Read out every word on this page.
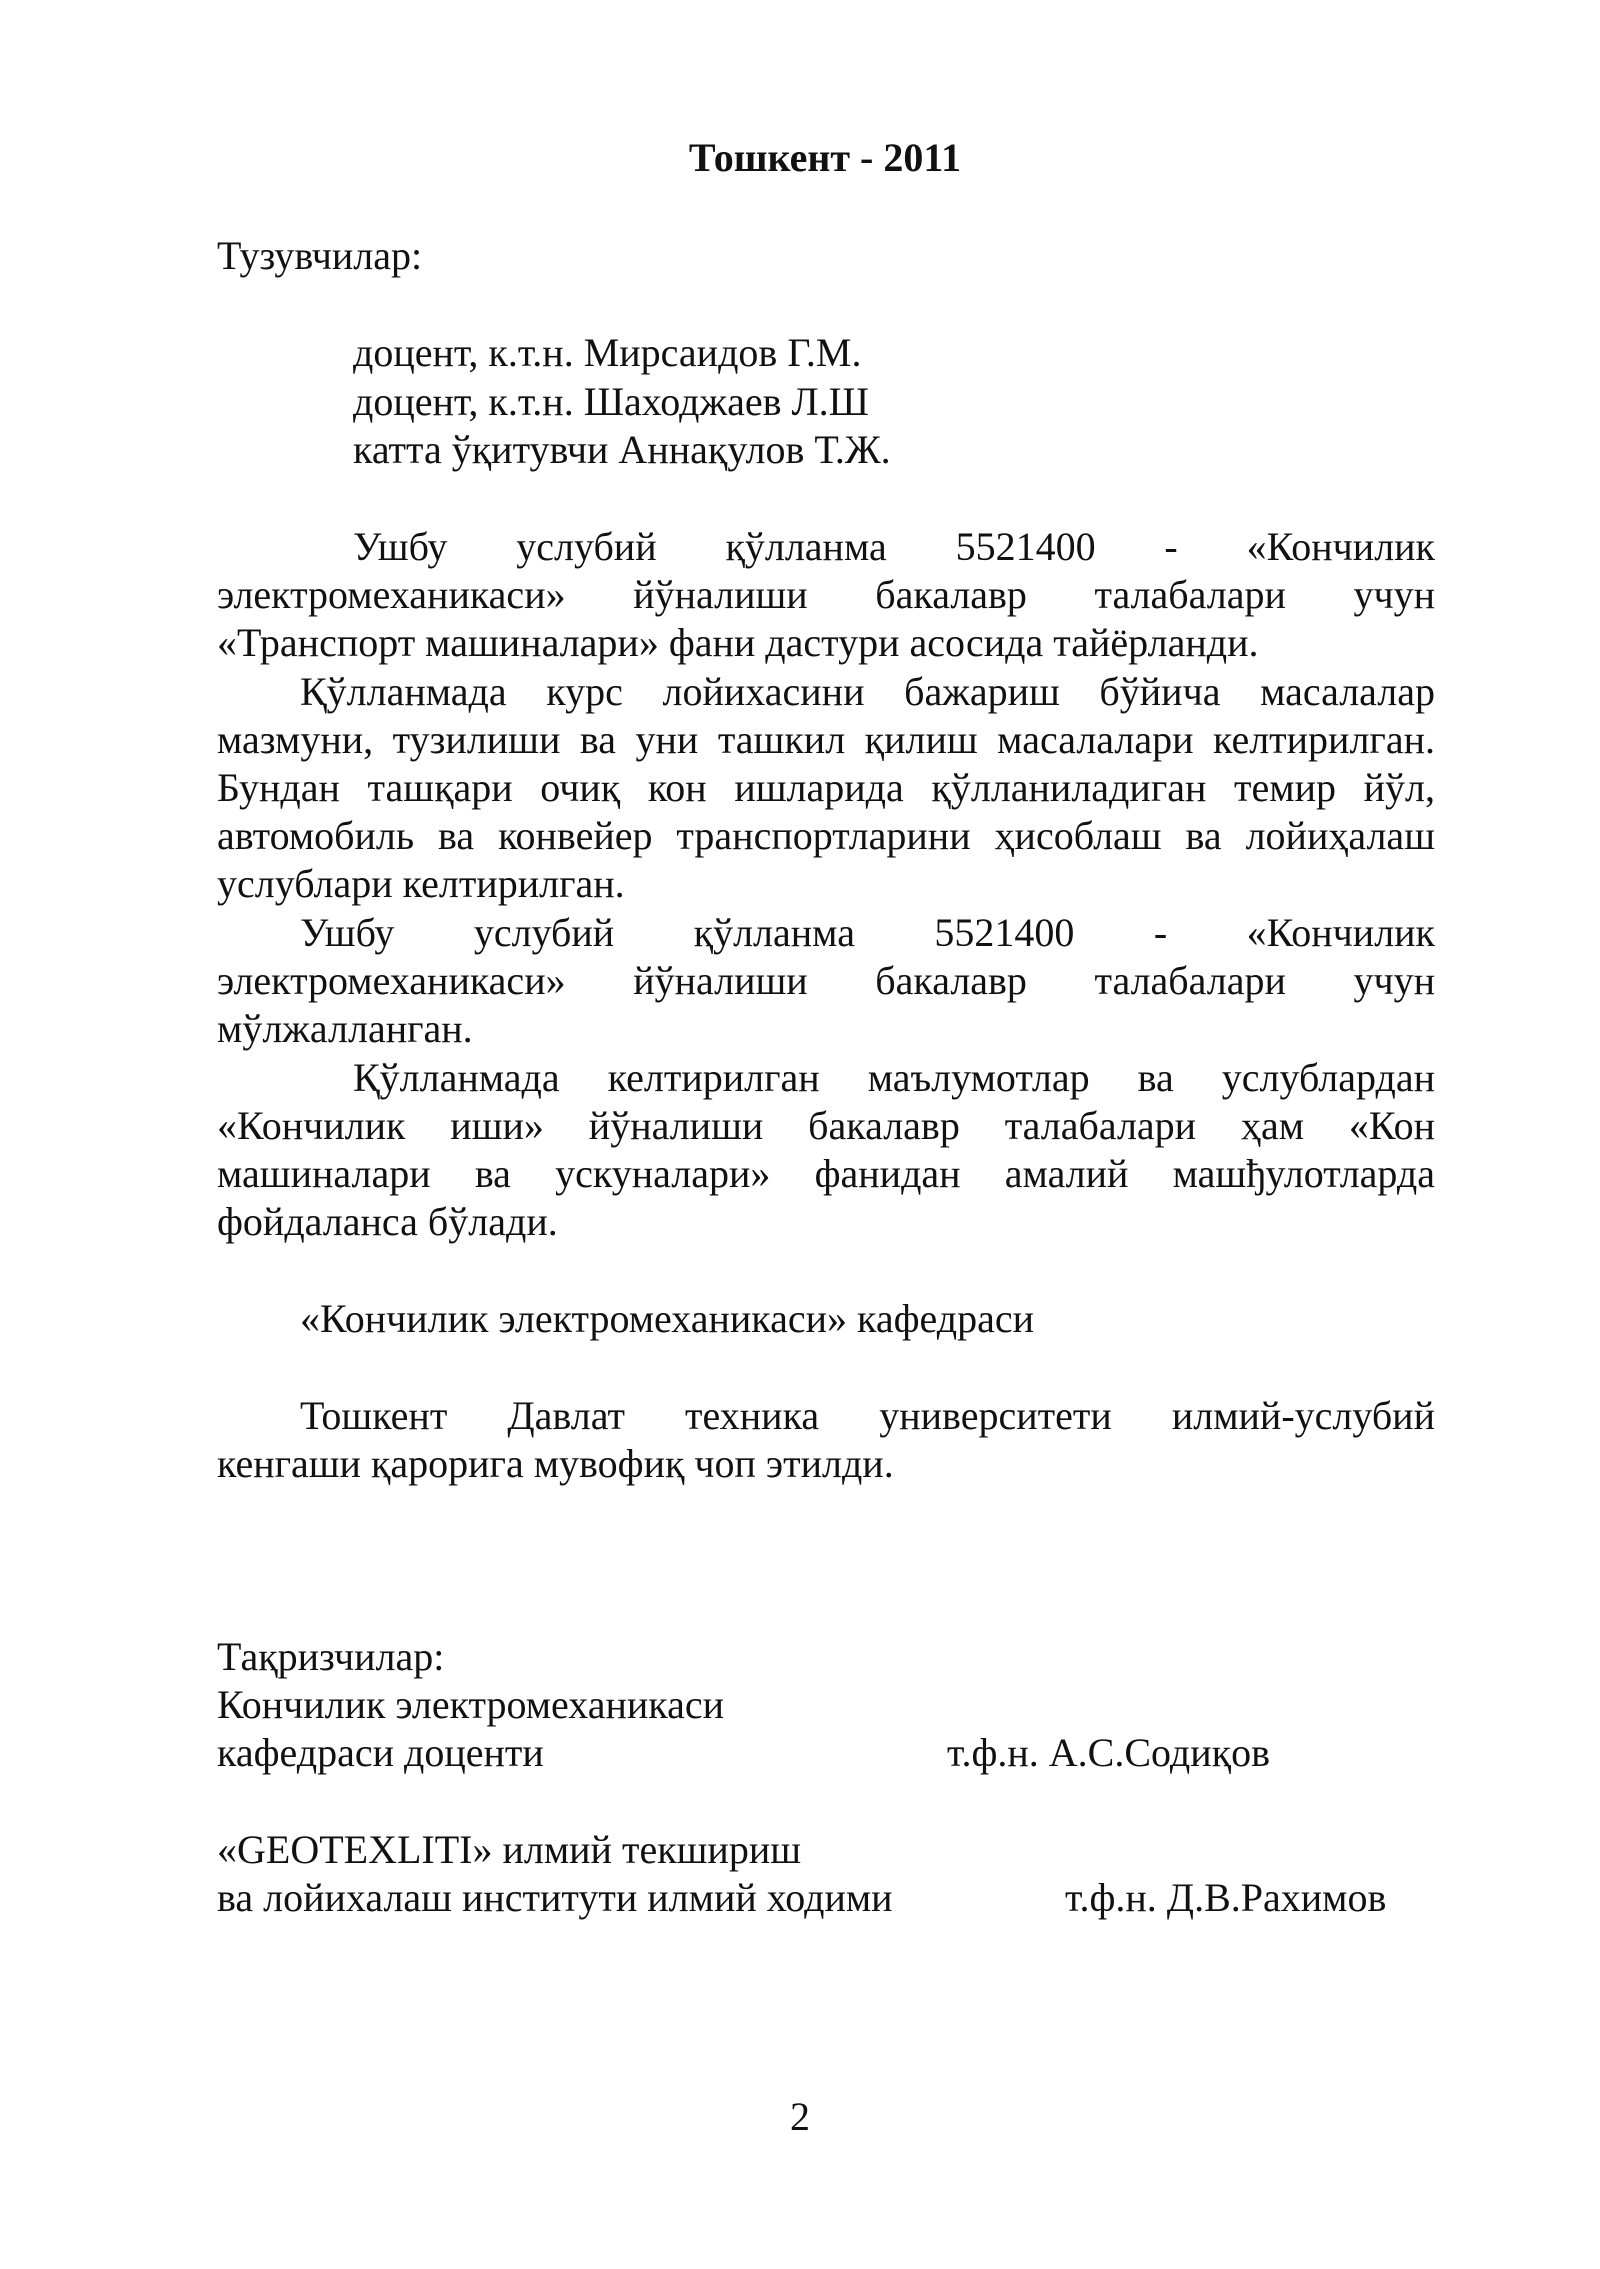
Тошкент - 2011
Тузувчилар:
доцент, к.т.н. Мирсаидов Г.М.
доцент, к.т.н. Шаходжаев Л.Ш
катта ўқитувчи Аннақулов Т.Ж.
Ушбу услубий қўлланма 5521400 - «Кончилик
электромеханикаси» йўналиши бакалавр талабалари учун
«Транспорт машиналари» фани дастури асосида тайёрланди.
Қўлланмада курс лойихасини бажариш бўйича масалалар
мазмуни, тузилиши ва уни ташкил қилиш масалалари келтирилган.
Бундан ташқари очиқ кон ишларида қўлланиладиган темир йўл,
автомобиль ва конвейер транспортларини ҳисоблаш ва лойиҳалаш
услублари келтирилган.
Ушбу услубий қўлланма 5521400 - «Кончилик
электромеханикаси» йўналиши бакалавр талабалари учун
мўлжалланган.
Қўлланмада келтирилган маълумотлар ва услублардан
«Кончилик иши» йўналиши бакалавр талабалари ҳам «Кон
машиналари ва ускуналари» фанидан амалий машђулотларда
фойдаланса бўлади.
«Кончилик электромеханикаси» кафедраси
Тошкент Давлат техника университети илмий-услубий
кенгаши қарорига мувофиқ чоп этилди.
Тақризчилар:
Кончилик электромеханикаси
кафедраси доценти	т.ф.н. А.С.Содиқов
«GEOTEXLITI» илмий текшириш
ва лойихалаш институти илмий ходими	т.ф.н. Д.В.Рахимов
2
